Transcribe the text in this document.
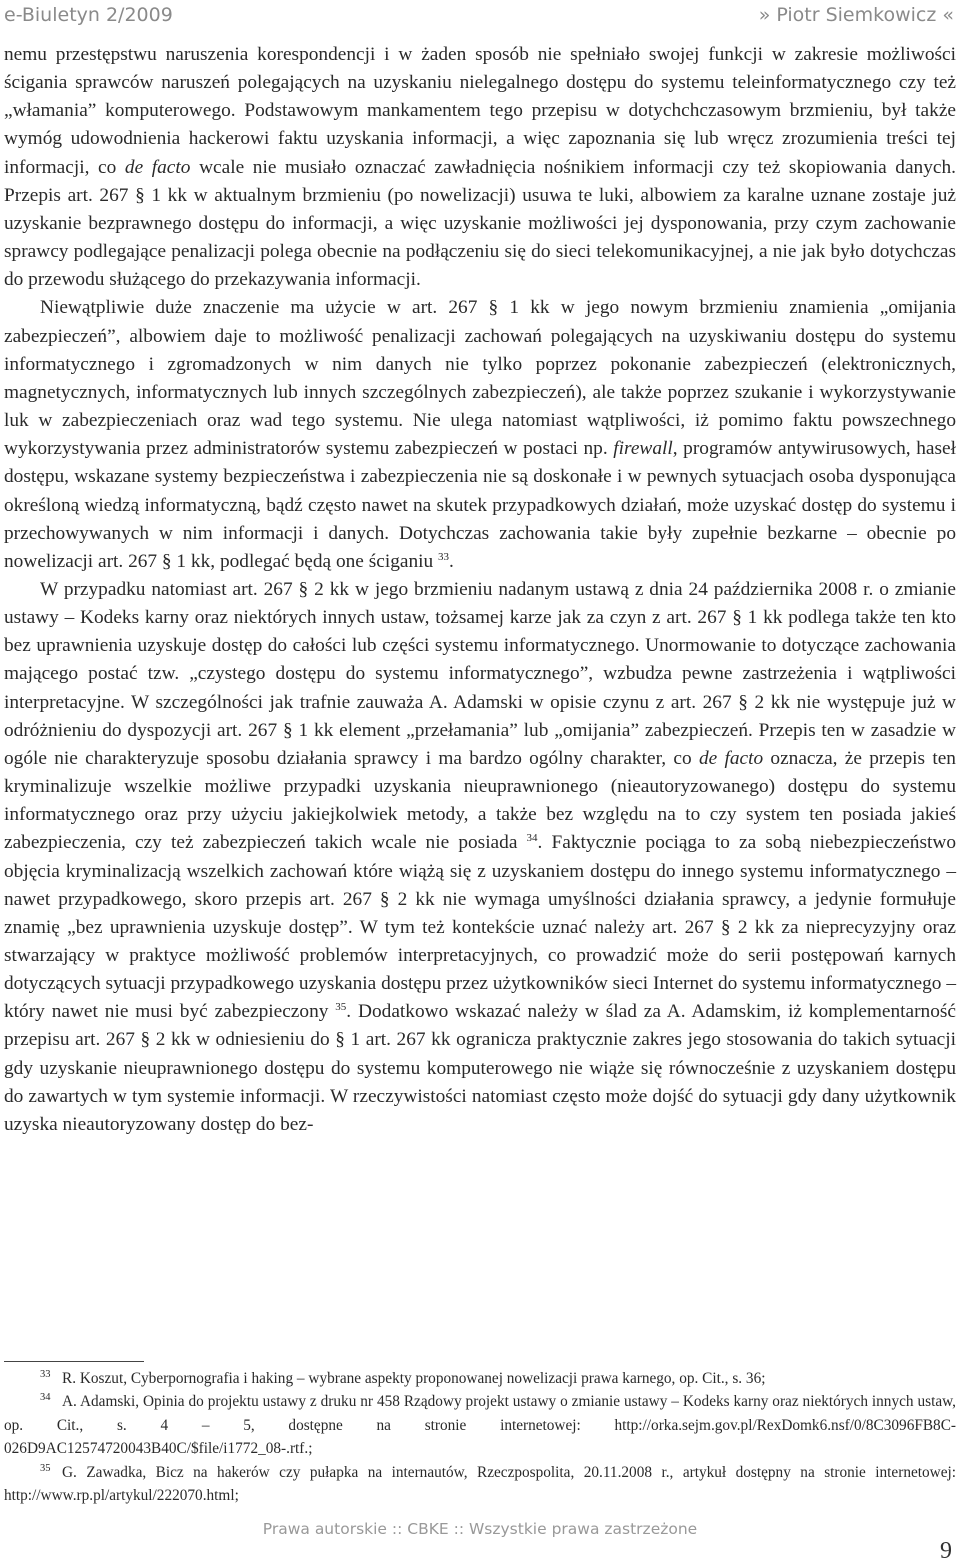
e-Biuletyn 2/2009	» Piotr Siemkowicz «

nemu przestępstwu naruszenia korespondencji i w żaden sposób nie spełniało swojej funkcji w zakresie możliwości ścigania sprawców naruszeń polegających na uzyskaniu nielegalnego dostępu do systemu teleinformatycznego czy też „włamania” komputerowego. Podstawowym mankamentem tego przepisu w dotychchczasowym brzmieniu, był także wymóg udowodnienia hackerowi faktu uzyskania informacji, a więc zapoznania się lub wręcz zrozumienia treści tej informacji, co de facto wcale nie musiało oznaczać zawładnięcia nośnikiem informacji czy też skopiowania danych. Przepis art. 267 § 1 kk w aktualnym brzmieniu (po nowelizacji) usuwa te luki, albowiem za karalne uznane zostaje już uzyskanie bezprawnego dostępu do informacji, a więc uzyskanie możliwości jej dysponowania, przy czym zachowanie sprawcy podlegające penalizacji polega obecnie na podłączeniu się do sieci telekomunikacyjnej, a nie jak było dotychczas do przewodu służącego do przekazywania informacji.

Niewątpliwie duże znaczenie ma użycie w art. 267 § 1 kk w jego nowym brzmieniu znamienia „omijania zabezpieczeń”, albowiem daje to możliwość penalizacji zachowań polegających na uzyskiwaniu dostępu do systemu informatycznego i zgromadzonych w nim danych nie tylko poprzez pokonanie zabezpieczeń (elektronicznych, magnetycznych, informatycznych lub innych szczególnych zabezpieczeń), ale także poprzez szukanie i wykorzystywanie luk w zabezpieczeniach oraz wad tego systemu. Nie ulega natomiast wątpliwości, iż pomimo faktu powszechnego wykorzystywania przez administratorów systemu zabezpieczeń w postaci np. firewall, programów antywirusowych, haseł dostępu, wskazane systemy bezpieczeństwa i zabezpieczenia nie są doskonałe i w pewnych sytuacjach osoba dysponująca określoną wiedzą informatyczną, bądź często nawet na skutek przypadkowych działań, może uzyskać dostęp do systemu i przechowywanych w nim informacji i danych. Dotychczas zachowania takie były zupełnie bezkarne – obecnie po nowelizacji art. 267 § 1 kk, podlegać będą one ściganiu $^{33}$.

W przypadku natomiast art. 267 § 2 kk w jego brzmieniu nadanym ustawą z dnia 24 października 2008 r. o zmianie ustawy – Kodeks karny oraz niektórych innych ustaw, tożsamej karze jak za czyn z art. 267 § 1 kk podlega także ten kto bez uprawnienia uzyskuje dostęp do całości lub części systemu informatycznego. Unormowanie to dotyczące zachowania mającego postać tzw. „czystego dostępu do systemu informatycznego”, wzbudza pewne zastrzeżenia i wątpliwości interpretacyjne. W szczególności jak trafnie zauważa A. Adamski w opisie czynu z art. 267 § 2 kk nie występuje już w odróżnieniu do dyspozycji art. 267 § 1 kk element „przełamania” lub „omijania” zabezpieczeń. Przepis ten w zasadzie w ogóle nie charakteryzuje sposobu działania sprawcy i ma bardzo ogólny charakter, co de facto oznacza, że przepis ten kryminalizuje wszelkie możliwe przypadki uzyskania nieuprawnionego (nieautoryzowanego) dostępu do systemu informatycznego oraz przy użyciu jakiejkolwiek metody, a także bez względu na to czy system ten posiada jakieś zabezpieczenia, czy też zabezpieczeń takich wcale nie posiada $^{34}$. Faktycznie pociąga to za sobą niebezpieczeństwo objęcia kryminalizacją wszelkich zachowań które wiążą się z uzyskaniem dostępu do innego systemu informatycznego – nawet przypadkowego, skoro przepis art. 267 § 2 kk nie wymaga umyślności działania sprawcy, a jedynie formułuje znamię „bez uprawnienia uzyskuje dostęp”. W tym też kontekście uznać należy art. 267 § 2 kk za nieprecyzyjny oraz stwarzający w praktyce możliwość problemów interpretacyjnych, co prowadzić może do serii postępowań karnych dotyczących sytuacji przypadkowego uzyskania dostępu przez użytkowników sieci Internet do systemu informatycznego – który nawet nie musi być zabezpieczony $^{35}$. Dodatkowo wskazać należy w ślad za A. Adamskim, iż komplementarność przepisu art. 267 § 2 kk w odniesieniu do § 1 art. 267 kk ogranicza praktycznie zakres jego stosowania do takich sytuacji gdy uzyskanie nieuprawnionego dostępu do systemu komputerowego nie wiąże się równocześnie z uzyskaniem dostępu do zawartych w tym systemie informacji. W rzeczywistości natomiast często może dojść do sytuacji gdy dany użytkownik uzyska nieautoryzowany dostęp do bez-

33 R. Koszut, Cyberpornografia i haking – wybrane aspekty proponowanej nowelizacji prawa karnego, op. Cit., s. 36;

34 A. Adamski, Opinia do projektu ustawy z druku nr 458 Rządowy projekt ustawy o zmianie ustawy – Kodeks karny oraz niektórych innych ustaw, op. Cit., s. 4 – 5, dostępne na stronie internetowej: http://orka.sejm.gov.pl/RexDomk6.nsf/0/8C3096FB8C-026D9AC12574720043B40C/$file/i1772_08-.rtf.;

35 G. Zawadka, Bicz na hakerów czy pułapka na internautów, Rzeczpospolita, 20.11.2008 r., artykuł dostępny na stronie internetowej: http://www.rp.pl/artykul/222070.html;

Prawa autorskie :: CBKE :: Wszystkie prawa zastrzeżone
9
